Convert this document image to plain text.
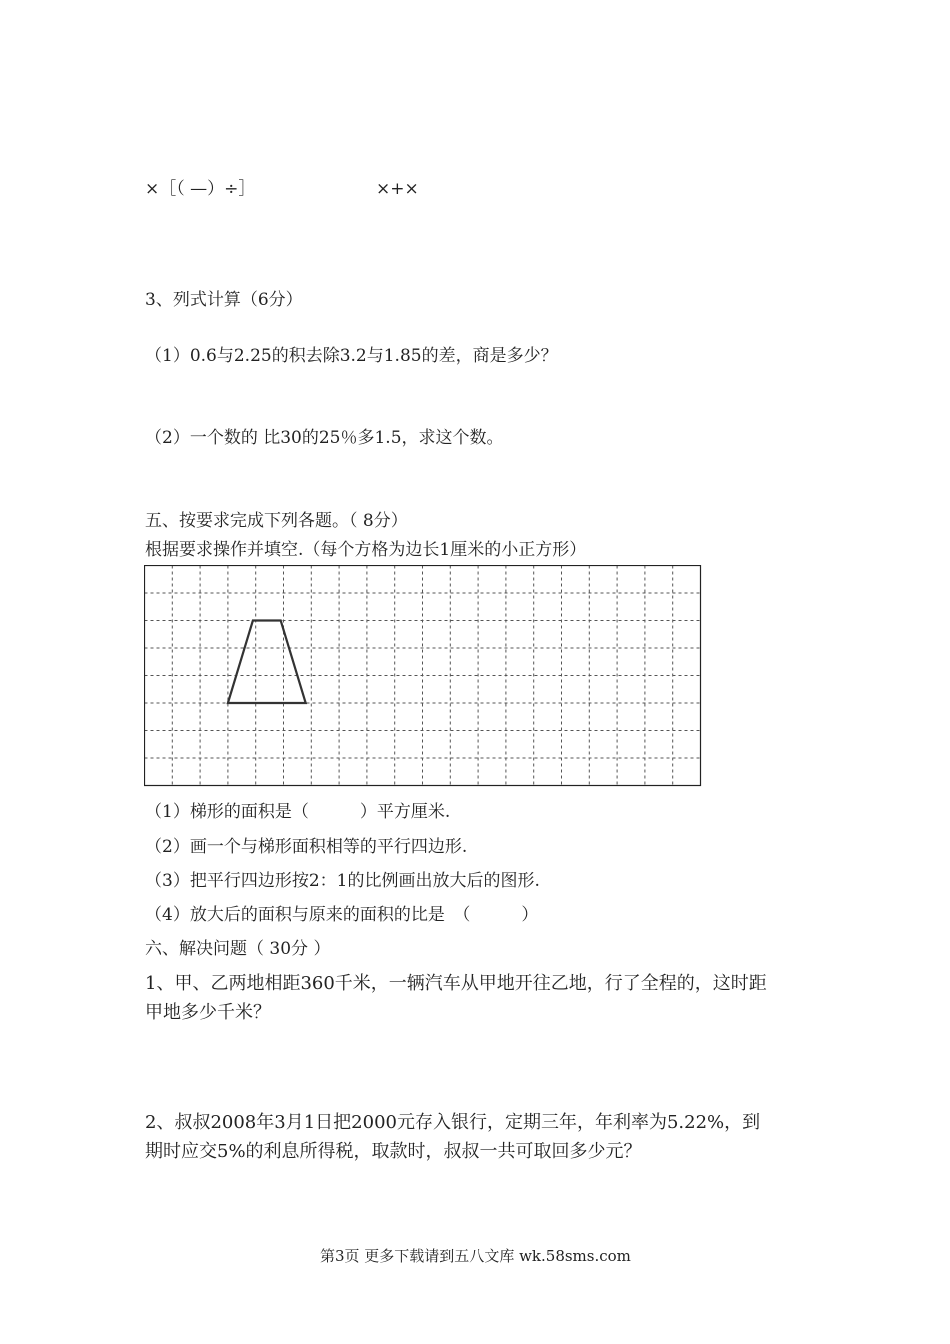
×［（ —）÷］	×+×
3、列式计算（6分）
（1）0.6与2.25的积去除3.2与1.85的差，商是多少？
（2）一个数的 比30的25％多1.5，求这个数。
五、按要求完成下列各题。（ 8分）
根据要求操作并填空.（每个方格为边长1厘米的小正方形）
（1）梯形的面积是（　　　）平方厘米.
（2）画一个与梯形面积相等的平行四边形.
（3）把平行四边形按2：1的比例画出放大后的图形.
（4）放大后的面积与原来的面积的比是　（　　　）
六、解决问题（ 30分 ）
1、甲、乙两地相距360千米，一辆汽车从甲地开往乙地，行了全程的，这时距
甲地多少千米？
2、叔叔2008年3月1日把2000元存入银行，定期三年，年利率为5.22%，到
期时应交5%的利息所得税，取款时，叔叔一共可取回多少元？
第3页 更多下载请到五八文库 wk.58sms.com
